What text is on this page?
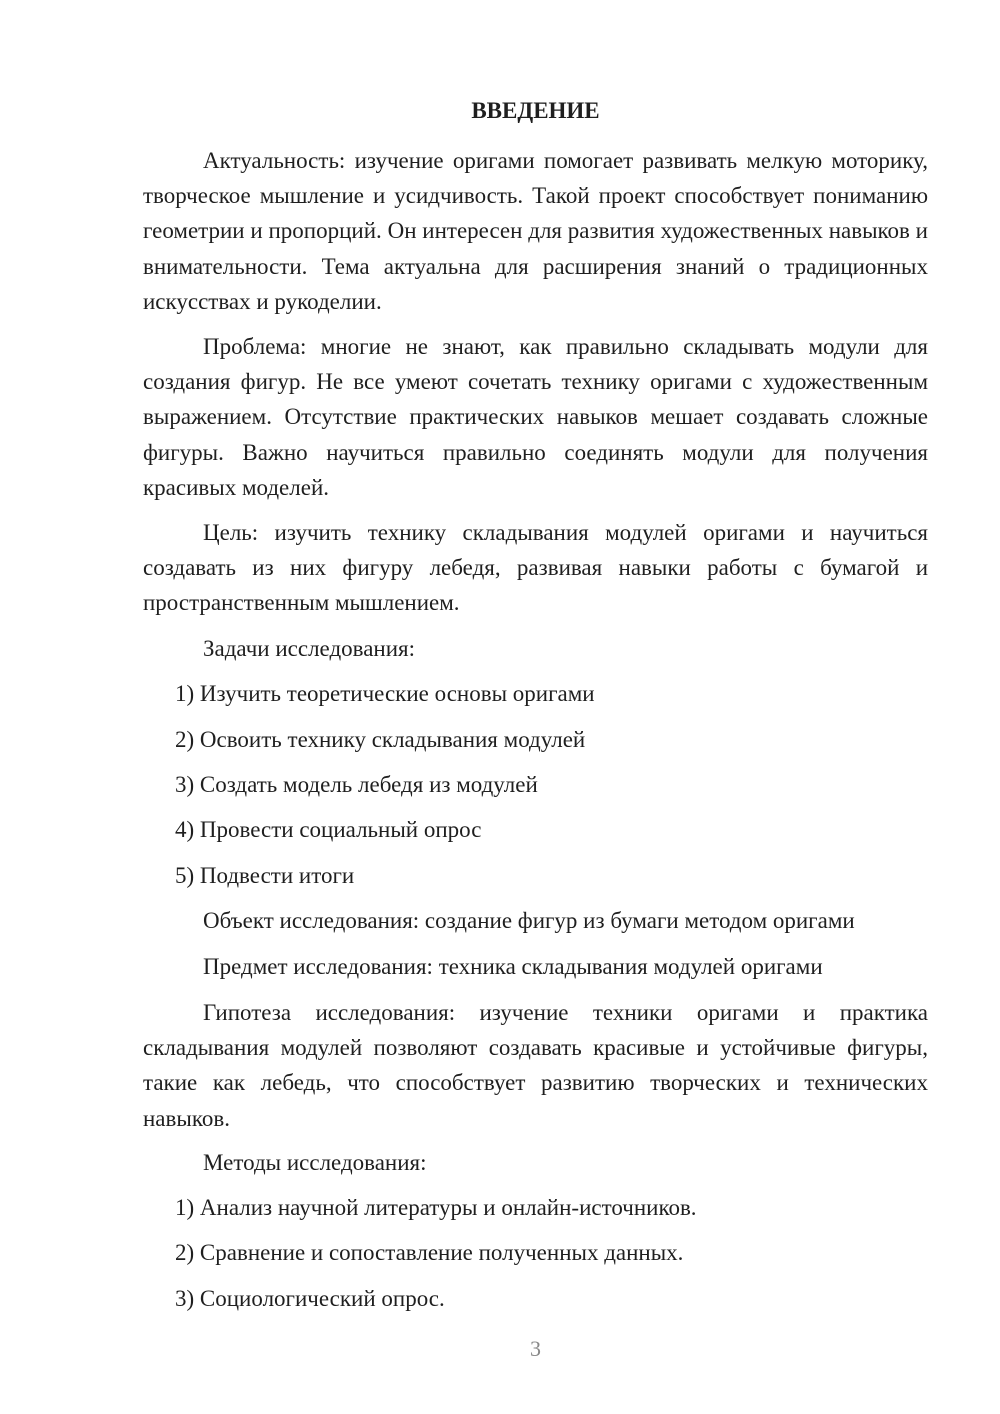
ВВЕДЕНИЕ

Актуальность: изучение оригами помогает развивать мелкую моторику, творческое мышление и усидчивость. Такой проект способствует пониманию геометрии и пропорций. Он интересен для развития художественных навыков и внимательности. Тема актуальна для расширения знаний о традиционных искусствах и рукоделии.

Проблема: многие не знают, как правильно складывать модули для создания фигур. Не все умеют сочетать технику оригами с художественным выражением. Отсутствие практических навыков мешает создавать сложные фигуры. Важно научиться правильно соединять модули для получения красивых моделей.

Цель: изучить технику складывания модулей оригами и научиться создавать из них фигуру лебедя, развивая навыки работы с бумагой и пространственным мышлением.

Задачи исследования:

1) Изучить теоретические основы оригами

2) Освоить технику складывания модулей

3) Создать модель лебедя из модулей

4) Провести социальный опрос

5) Подвести итоги

Объект исследования: создание фигур из бумаги методом оригами

Предмет исследования: техника складывания модулей оригами

Гипотеза исследования: изучение техники оригами и практика складывания модулей позволяют создавать красивые и устойчивые фигуры, такие как лебедь, что способствует развитию творческих и технических навыков.

Методы исследования:

1) Анализ научной литературы и онлайн-источников.

2) Сравнение и сопоставление полученных данных.

3) Социологический опрос.

3
